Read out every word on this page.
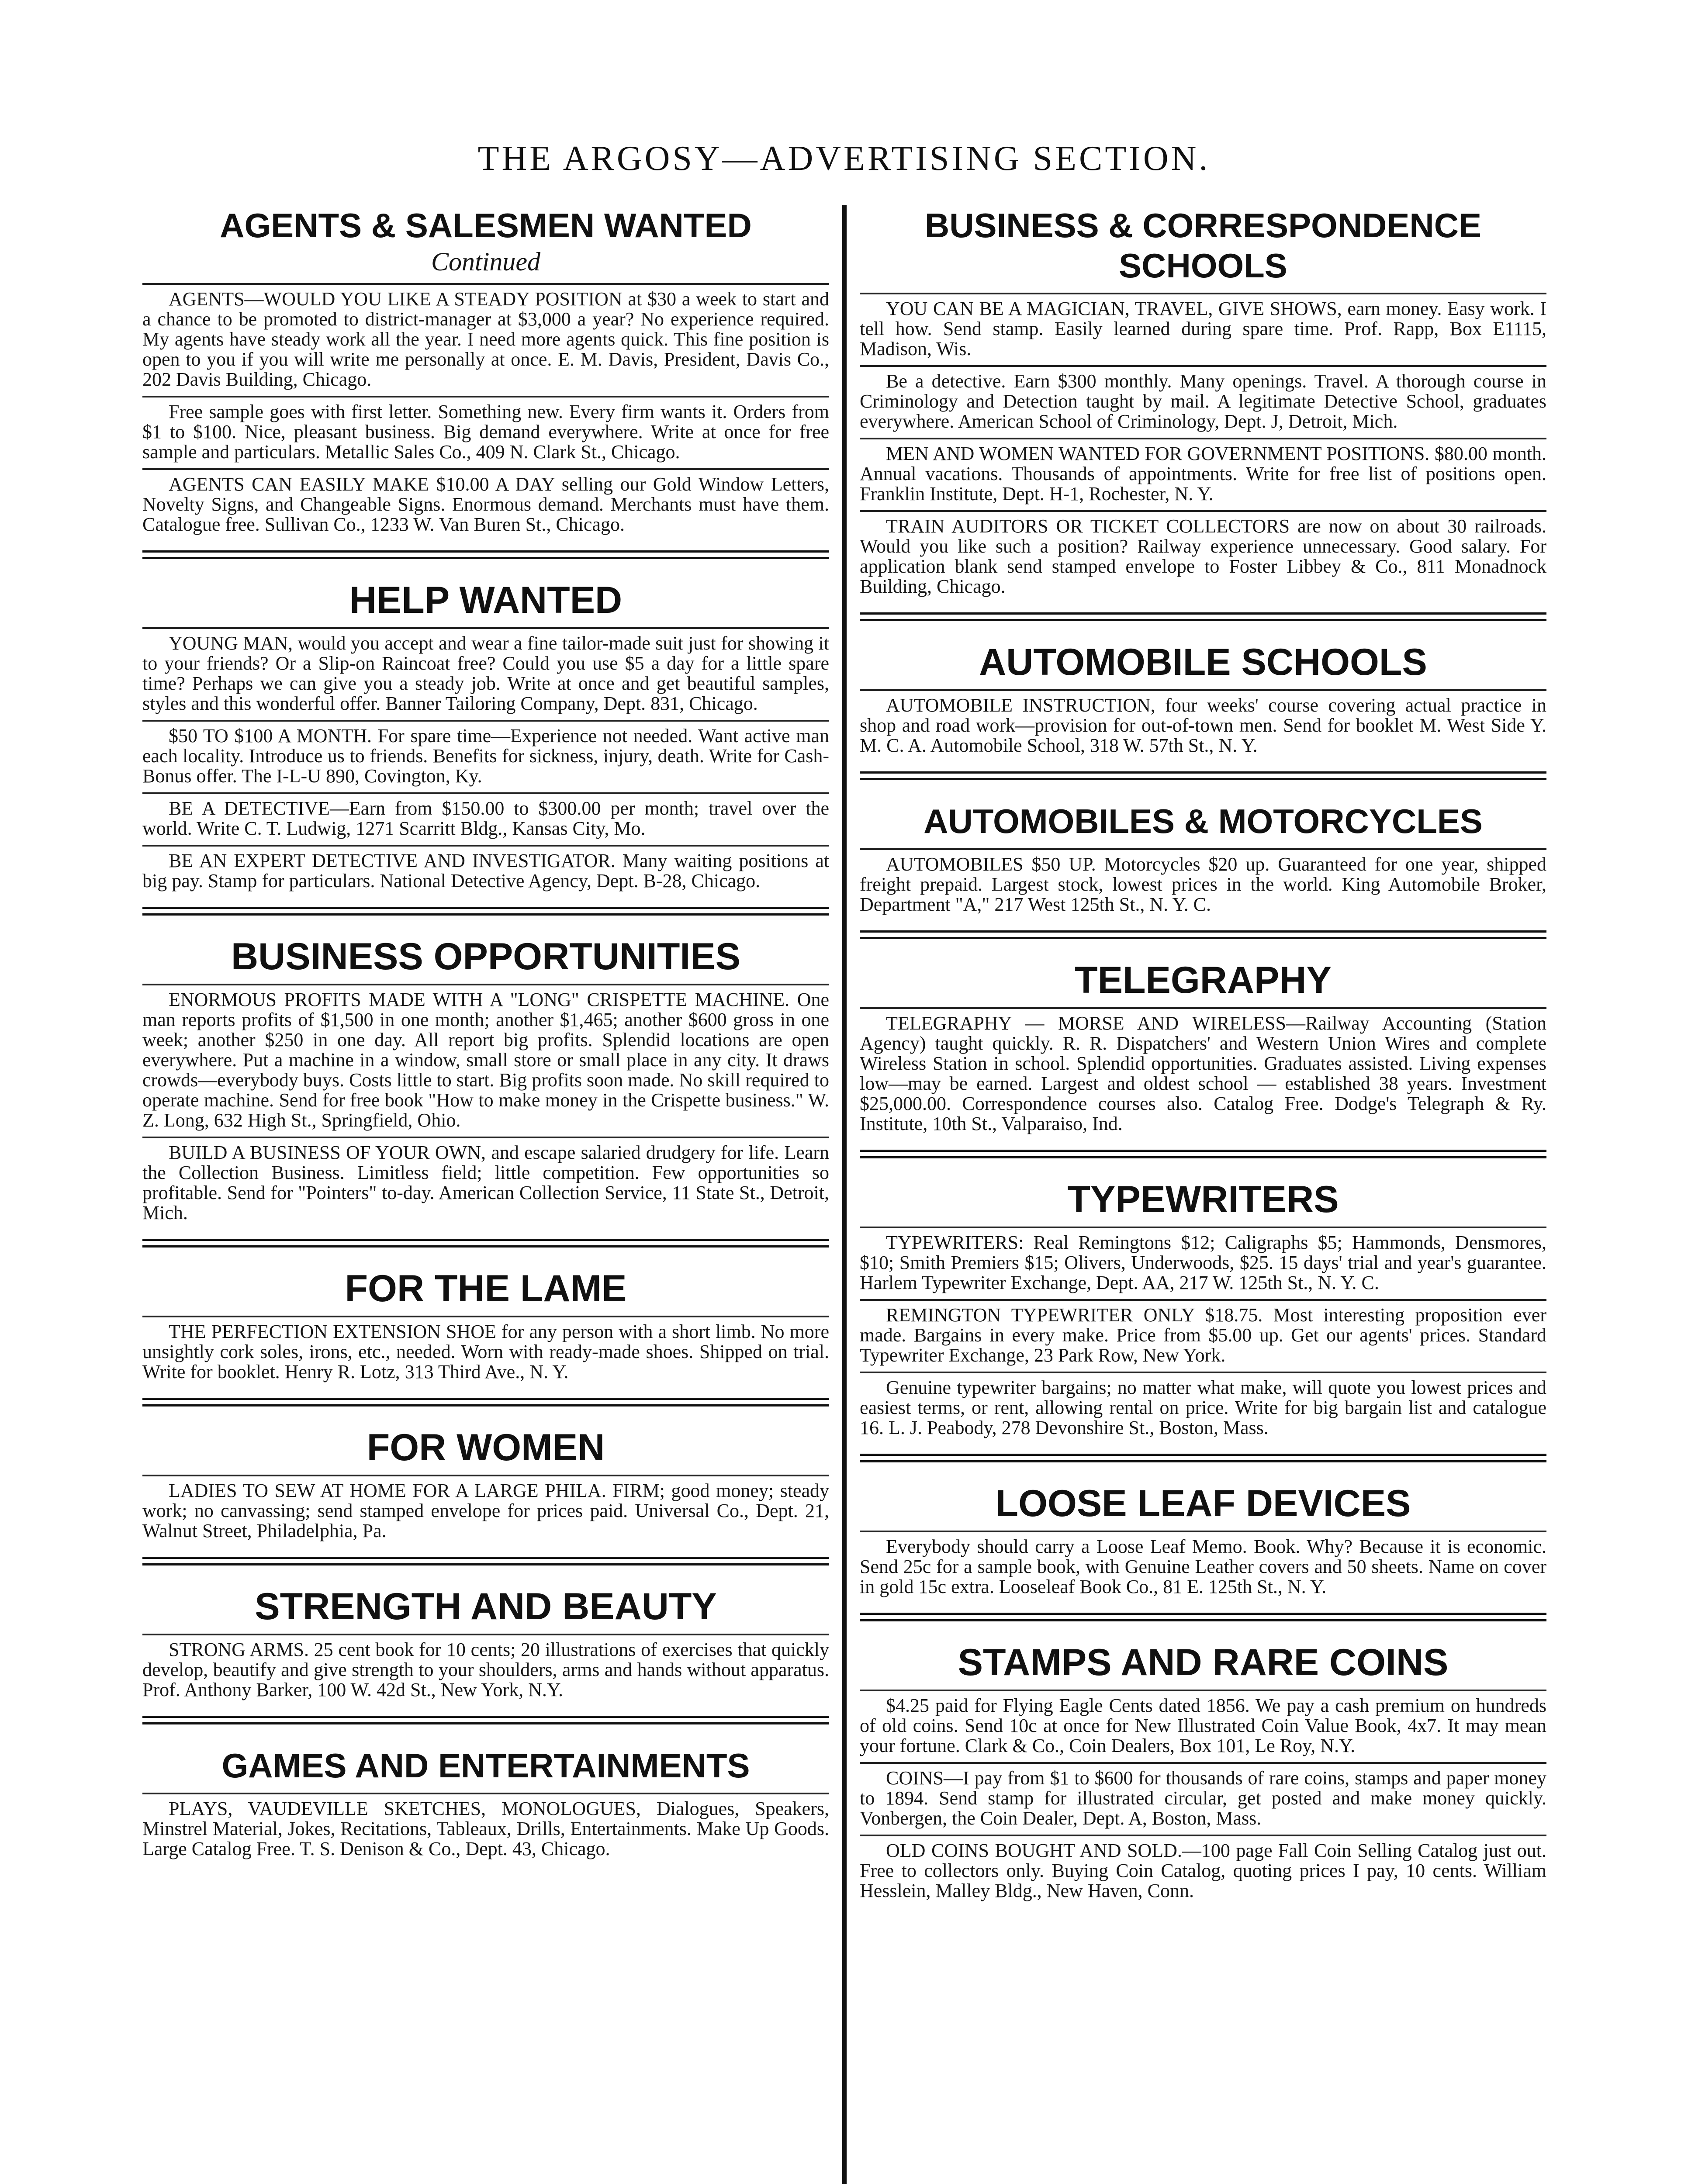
THE ARGOSY—ADVERTISING SECTION.
AGENTS & SALESMEN WANTED
Continued

AGENTS—WOULD YOU LIKE A STEADY POSITION at $30 a week to start and a chance to be promoted to district-manager at $3,000 a year? No experience required. My agents have steady work all the year. I need more agents quick. This fine position is open to you if you will write me personally at once. E. M. Davis, President, Davis Co., 202 Davis Building, Chicago.

Free sample goes with first letter. Something new. Every firm wants it. Orders from $1 to $100. Nice, pleasant business. Big demand everywhere. Write at once for free sample and particulars. Metallic Sales Co., 409 N. Clark St., Chicago.

AGENTS CAN EASILY MAKE $10.00 A DAY selling our Gold Window Letters, Novelty Signs, and Changeable Signs. Enormous demand. Merchants must have them. Catalogue free. Sullivan Co., 1233 W. Van Buren St., Chicago.

HELP WANTED

YOUNG MAN, would you accept and wear a fine tailor-made suit just for showing it to your friends? Or a Slip-on Raincoat free? Could you use $5 a day for a little spare time? Perhaps we can give you a steady job. Write at once and get beautiful samples, styles and this wonderful offer. Banner Tailoring Company, Dept. 831, Chicago.

$50 TO $100 A MONTH. For spare time—Experience not needed. Want active man each locality. Introduce us to friends. Benefits for sickness, injury, death. Write for Cash-Bonus offer. The I-L-U 890, Covington, Ky.

BE A DETECTIVE—Earn from $150.00 to $300.00 per month; travel over the world. Write C. T. Ludwig, 1271 Scarritt Bldg., Kansas City, Mo.

BE AN EXPERT DETECTIVE AND INVESTIGATOR. Many waiting positions at big pay. Stamp for particulars. National Detective Agency, Dept. B-28, Chicago.

BUSINESS OPPORTUNITIES

ENORMOUS PROFITS MADE WITH A "LONG" CRISPETTE MACHINE. One man reports profits of $1,500 in one month; another $1,465; another $600 gross in one week; another $250 in one day. All report big profits. Splendid locations are open everywhere. Put a machine in a window, small store or small place in any city. It draws crowds—everybody buys. Costs little to start. Big profits soon made. No skill required to operate machine. Send for free book "How to make money in the Crispette business." W. Z. Long, 632 High St., Springfield, Ohio.

BUILD A BUSINESS OF YOUR OWN, and escape salaried drudgery for life. Learn the Collection Business. Limitless field; little competition. Few opportunities so profitable. Send for "Pointers" to-day. American Collection Service, 11 State St., Detroit, Mich.

FOR THE LAME

THE PERFECTION EXTENSION SHOE for any person with a short limb. No more unsightly cork soles, irons, etc., needed. Worn with ready-made shoes. Shipped on trial. Write for booklet. Henry R. Lotz, 313 Third Ave., N. Y.

FOR WOMEN

LADIES TO SEW AT HOME FOR A LARGE PHILA. FIRM; good money; steady work; no canvassing; send stamped envelope for prices paid. Universal Co., Dept. 21, Walnut Street, Philadelphia, Pa.

STRENGTH AND BEAUTY

STRONG ARMS. 25 cent book for 10 cents; 20 illustrations of exercises that quickly develop, beautify and give strength to your shoulders, arms and hands without apparatus. Prof. Anthony Barker, 100 W. 42d St., New York, N.Y.

GAMES AND ENTERTAINMENTS

PLAYS, VAUDEVILLE SKETCHES, MONOLOGUES, Dialogues, Speakers, Minstrel Material, Jokes, Recitations, Tableaux, Drills, Entertainments. Make Up Goods. Large Catalog Free. T. S. Denison & Co., Dept. 43, Chicago.

BUSINESS & CORRESPONDENCE SCHOOLS

YOU CAN BE A MAGICIAN, TRAVEL, GIVE SHOWS, earn money. Easy work. I tell how. Send stamp. Easily learned during spare time. Prof. Rapp, Box E1115, Madison, Wis.

Be a detective. Earn $300 monthly. Many openings. Travel. A thorough course in Criminology and Detection taught by mail. A legitimate Detective School, graduates everywhere. American School of Criminology, Dept. J, Detroit, Mich.

MEN AND WOMEN WANTED FOR GOVERNMENT POSITIONS. $80.00 month. Annual vacations. Thousands of appointments. Write for free list of positions open. Franklin Institute, Dept. H-1, Rochester, N. Y.

TRAIN AUDITORS OR TICKET COLLECTORS are now on about 30 railroads. Would you like such a position? Railway experience unnecessary. Good salary. For application blank send stamped envelope to Foster Libbey & Co., 811 Monadnock Building, Chicago.

AUTOMOBILE SCHOOLS

AUTOMOBILE INSTRUCTION, four weeks' course covering actual practice in shop and road work—provision for out-of-town men. Send for booklet M. West Side Y. M. C. A. Automobile School, 318 W. 57th St., N. Y.

AUTOMOBILES & MOTORCYCLES

AUTOMOBILES $50 UP. Motorcycles $20 up. Guaranteed for one year, shipped freight prepaid. Largest stock, lowest prices in the world. King Automobile Broker, Department "A," 217 West 125th St., N. Y. C.

TELEGRAPHY

TELEGRAPHY — MORSE AND WIRELESS—Railway Accounting (Station Agency) taught quickly. R. R. Dispatchers' and Western Union Wires and complete Wireless Station in school. Splendid opportunities. Graduates assisted. Living expenses low—may be earned. Largest and oldest school — established 38 years. Investment $25,000.00. Correspondence courses also. Catalog Free. Dodge's Telegraph & Ry. Institute, 10th St., Valparaiso, Ind.

TYPEWRITERS

TYPEWRITERS: Real Remingtons $12; Caligraphs $5; Hammonds, Densmores, $10; Smith Premiers $15; Olivers, Underwoods, $25. 15 days' trial and year's guarantee. Harlem Typewriter Exchange, Dept. AA, 217 W. 125th St., N. Y. C.

REMINGTON TYPEWRITER ONLY $18.75. Most interesting proposition ever made. Bargains in every make. Price from $5.00 up. Get our agents' prices. Standard Typewriter Exchange, 23 Park Row, New York.

Genuine typewriter bargains; no matter what make, will quote you lowest prices and easiest terms, or rent, allowing rental on price. Write for big bargain list and catalogue 16. L. J. Peabody, 278 Devonshire St., Boston, Mass.

LOOSE LEAF DEVICES

Everybody should carry a Loose Leaf Memo. Book. Why? Because it is economic. Send 25c for a sample book, with Genuine Leather covers and 50 sheets. Name on cover in gold 15c extra. Looseleaf Book Co., 81 E. 125th St., N. Y.

STAMPS AND RARE COINS

$4.25 paid for Flying Eagle Cents dated 1856. We pay a cash premium on hundreds of old coins. Send 10c at once for New Illustrated Coin Value Book, 4x7. It may mean your fortune. Clark & Co., Coin Dealers, Box 101, Le Roy, N.Y.

COINS—I pay from $1 to $600 for thousands of rare coins, stamps and paper money to 1894. Send stamp for illustrated circular, get posted and make money quickly. Vonbergen, the Coin Dealer, Dept. A, Boston, Mass.

OLD COINS BOUGHT AND SOLD.—100 page Fall Coin Selling Catalog just out. Free to collectors only. Buying Coin Catalog, quoting prices I pay, 10 cents. William Hesslein, Malley Bldg., New Haven, Conn.
